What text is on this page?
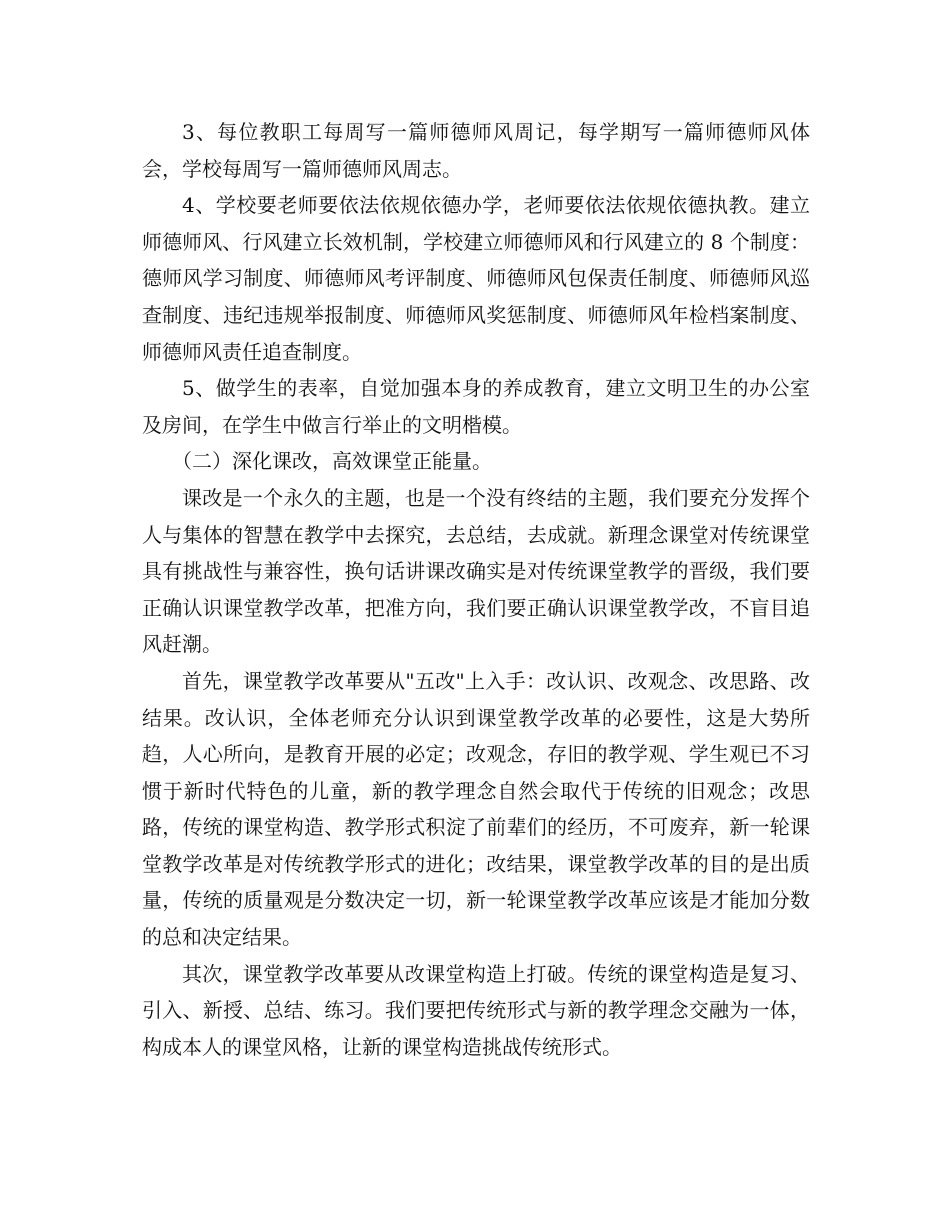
3、每位教职工每周写一篇师德师风周记，每学期写一篇师德师风体会，学校每周写一篇师德师风周志。

4、学校要老师要依法依规依德办学，老师要依法依规依德执教。建立师德师风、行风建立长效机制，学校建立师德师风和行风建立的 8 个制度：德师风学习制度、师德师风考评制度、师德师风包保责任制度、师德师风巡查制度、违纪违规举报制度、师德师风奖惩制度、师德师风年检档案制度、师德师风责任追查制度。

5、做学生的表率，自觉加强本身的养成教育，建立文明卫生的办公室及房间，在学生中做言行举止的文明楷模。

（二）深化课改，高效课堂正能量。

课改是一个永久的主题，也是一个没有终结的主题，我们要充分发挥个人与集体的智慧在教学中去探究，去总结，去成就。新理念课堂对传统课堂具有挑战性与兼容性，换句话讲课改确实是对传统课堂教学的晋级，我们要正确认识课堂教学改革，把准方向，我们要正确认识课堂教学改，不盲目追风赶潮。

首先，课堂教学改革要从"五改"上入手：改认识、改观念、改思路、改结果。改认识，全体老师充分认识到课堂教学改革的必要性，这是大势所趋，人心所向，是教育开展的必定；改观念，存旧的教学观、学生观已不习惯于新时代特色的儿童，新的教学理念自然会取代于传统的旧观念；改思路，传统的课堂构造、教学形式积淀了前辈们的经历，不可废弃，新一轮课堂教学改革是对传统教学形式的进化；改结果，课堂教学改革的目的是出质量，传统的质量观是分数决定一切，新一轮课堂教学改革应该是才能加分数的总和决定结果。

其次，课堂教学改革要从改课堂构造上打破。传统的课堂构造是复习、引入、新授、总结、练习。我们要把传统形式与新的教学理念交融为一体，构成本人的课堂风格，让新的课堂构造挑战传统形式。
